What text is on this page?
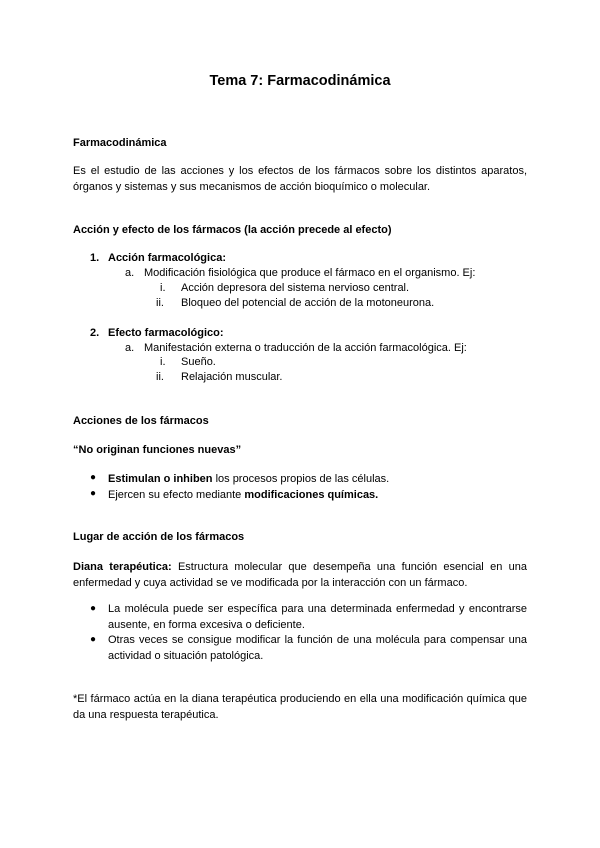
Tema 7: Farmacodinámica
Farmacodinámica
Es el estudio de las acciones y los efectos de los fármacos sobre los distintos aparatos, órganos y sistemas y sus mecanismos de acción bioquímico o molecular.
Acción y efecto de los fármacos (la acción precede al efecto)
1. Acción farmacológica:
a. Modificación fisiológica que produce el fármaco en el organismo. Ej:
i. Acción depresora del sistema nervioso central.
ii. Bloqueo del potencial de acción de la motoneurona.
2. Efecto farmacológico:
a. Manifestación externa o traducción de la acción farmacológica. Ej:
i. Sueño.
ii. Relajación muscular.
Acciones de los fármacos
“No originan funciones nuevas”
● Estimulan o inhiben los procesos propios de las células.
● Ejercen su efecto mediante modificaciones químicas.
Lugar de acción de los fármacos
Diana terapéutica: Estructura molecular que desempeña una función esencial en una enfermedad y cuya actividad se ve modificada por la interacción con un fármaco.
● La molécula puede ser específica para una determinada enfermedad y encontrarse ausente, en forma excesiva o deficiente.
● Otras veces se consigue modificar la función de una molécula para compensar una actividad o situación patológica.
*El fármaco actúa en la diana terapéutica produciendo en ella una modificación química que da una respuesta terapéutica.
